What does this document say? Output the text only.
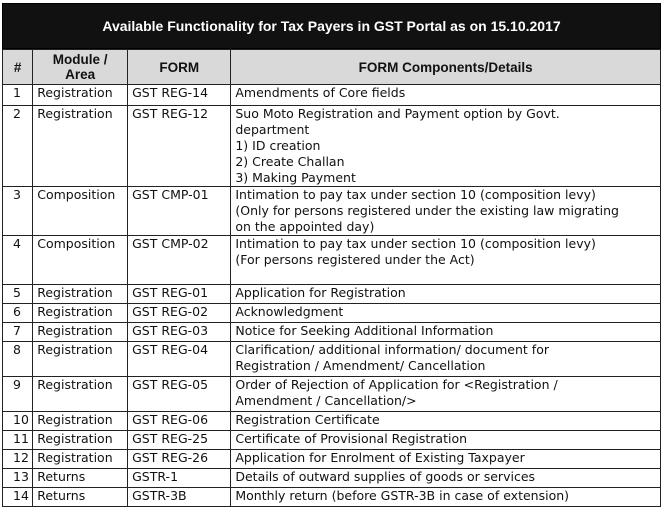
Available Functionality for Tax Payers in GST Portal as on 15.10.2017
#	Module / Area	FORM	FORM Components/Details
1	Registration	GST REG-14	Amendments of Core fields

2	Registration	GST REG-12	Suo Moto Registration and Payment option by Govt.
department
1) ID creation
2) Create Challan
3) Making Payment

3	Composition	GST CMP-01	Intimation to pay tax under section 10 (composition levy)
(Only for persons registered under the existing law migrating
on the appointed day)

4	Composition	GST CMP-02	Intimation to pay tax under section 10 (composition levy)
(For persons registered under the Act)

5	Registration	GST REG-01	Application for Registration

6	Registration	GST REG-02	Acknowledgment

7	Registration	GST REG-03	Notice for Seeking Additional Information

8	Registration	GST REG-04	Clarification/ additional information/ document for
Registration / Amendment/ Cancellation

9	Registration	GST REG-05	Order of Rejection of Application for <Registration /
Amendment / Cancellation/>

10	Registration	GST REG-06	Registration Certificate

11	Registration	GST REG-25	Certificate of Provisional Registration

12	Registration	GST REG-26	Application for Enrolment of Existing Taxpayer

13	Returns	GSTR-1	Details of outward supplies of goods or services

14	Returns	GSTR-3B	Monthly return (before GSTR-3B in case of extension)
